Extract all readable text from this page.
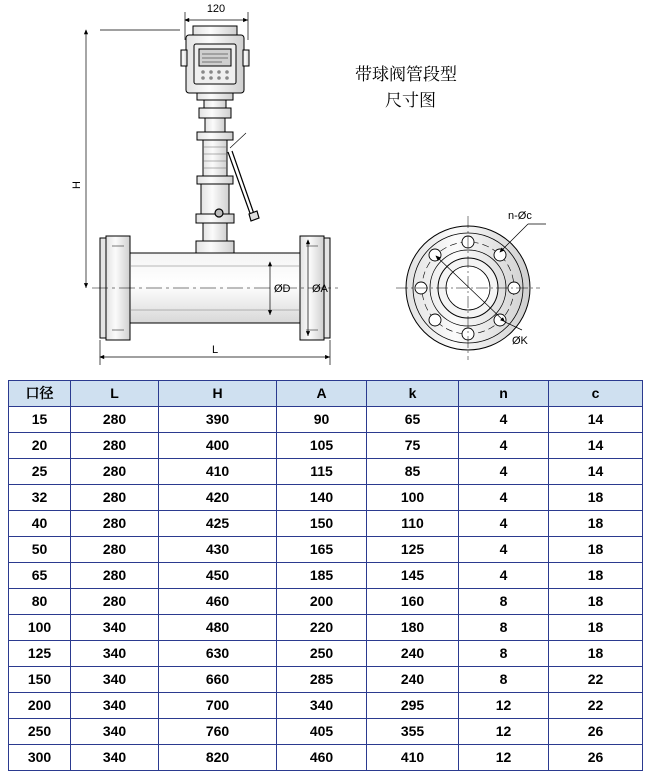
120
H
L
ØD ØA
带球阀管段型
尺寸图
n-Øc
ØK
口径	L	H	A	k	n	c
15	280	390	90	65	4	14
20	280	400	105	75	4	14
25	280	410	115	85	4	14
32	280	420	140	100	4	18
40	280	425	150	110	4	18
50	280	430	165	125	4	18
65	280	450	185	145	4	18
80	280	460	200	160	8	18
100	340	480	220	180	8	18
125	340	630	250	240	8	18
150	340	660	285	240	8	22
200	340	700	340	295	12	22
250	340	760	405	355	12	26
300	340	820	460	410	12	26
